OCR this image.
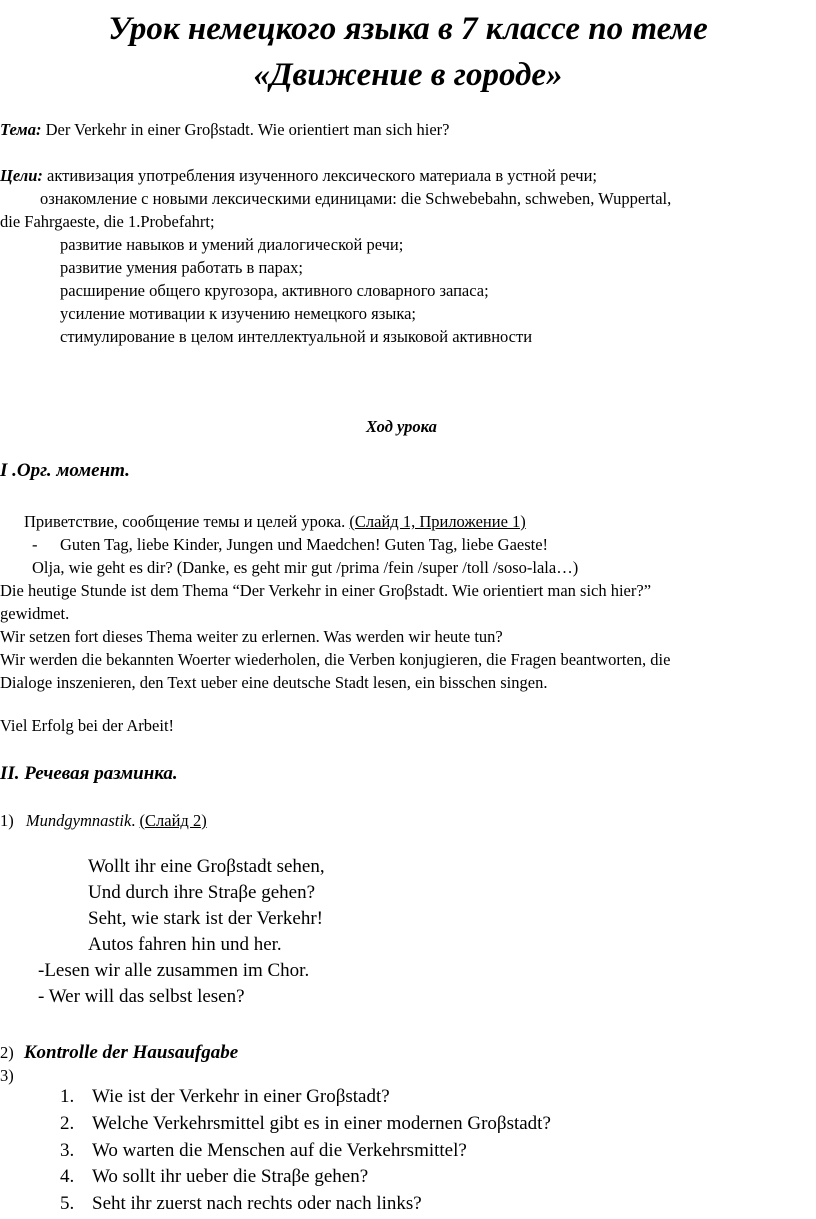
Урок немецкого языка в 7 классе по теме
«Движение в городе»
Тема: Der Verkehr in einer Groβstadt. Wie orientiert man sich hier?
Цели: активизация употребления изученного лексического материала в устной речи;
ознакомление с новыми лексическими единицами: die Schwebebahn, schweben, Wuppertal,
die Fahrgaeste, die 1.Probefahrt;
развитие навыков и умений диалогической речи;
развитие умения работать в парах;
расширение общего кругозора, активного словарного запаса;
усиление мотивации к изучению немецкого языка;
стимулирование в целом интеллектуальной и языковой активности
Ход урока
I .Орг. момент.
Приветствие, сообщение темы и целей урока. (Слайд 1, Приложение 1)
- Guten Tag, liebe Kinder, Jungen und Maedchen! Guten Tag, liebe Gaeste!
Olja, wie geht es dir? (Danke, es geht mir gut /prima /fein /super /toll /soso-lala…)
Die heutige Stunde ist dem Thema “Der Verkehr in einer Groβstadt. Wie orientiert man sich hier?”
gewidmet.
Wir setzen fort dieses Thema weiter zu erlernen. Was werden wir heute tun?
Wir werden die bekannten Woerter wiederholen, die Verben konjugieren, die Fragen beantworten, die
Dialoge inszenieren, den Text ueber eine deutsche Stadt lesen, ein bisschen singen.
Viel Erfolg bei der Arbeit!
II. Речевая разминка.
1) Mundgymnastik. (Слайд 2)
Wollt ihr eine Groβstadt sehen,
Und durch ihre Straβe gehen?
Seht, wie stark ist der Verkehr!
Autos fahren hin und her.
-Lesen wir alle zusammen im Chor.
- Wer will das selbst lesen?
2) Kontrolle der Hausaufgabe
3)
1. Wie ist der Verkehr in einer Groβstadt?
2. Welche Verkehrsmittel gibt es in einer modernen Groβstadt?
3. Wo warten die Menschen auf die Verkehrsmittel?
4. Wo sollt ihr ueber die Straβe gehen?
5. Seht ihr zuerst nach rechts oder nach links?
